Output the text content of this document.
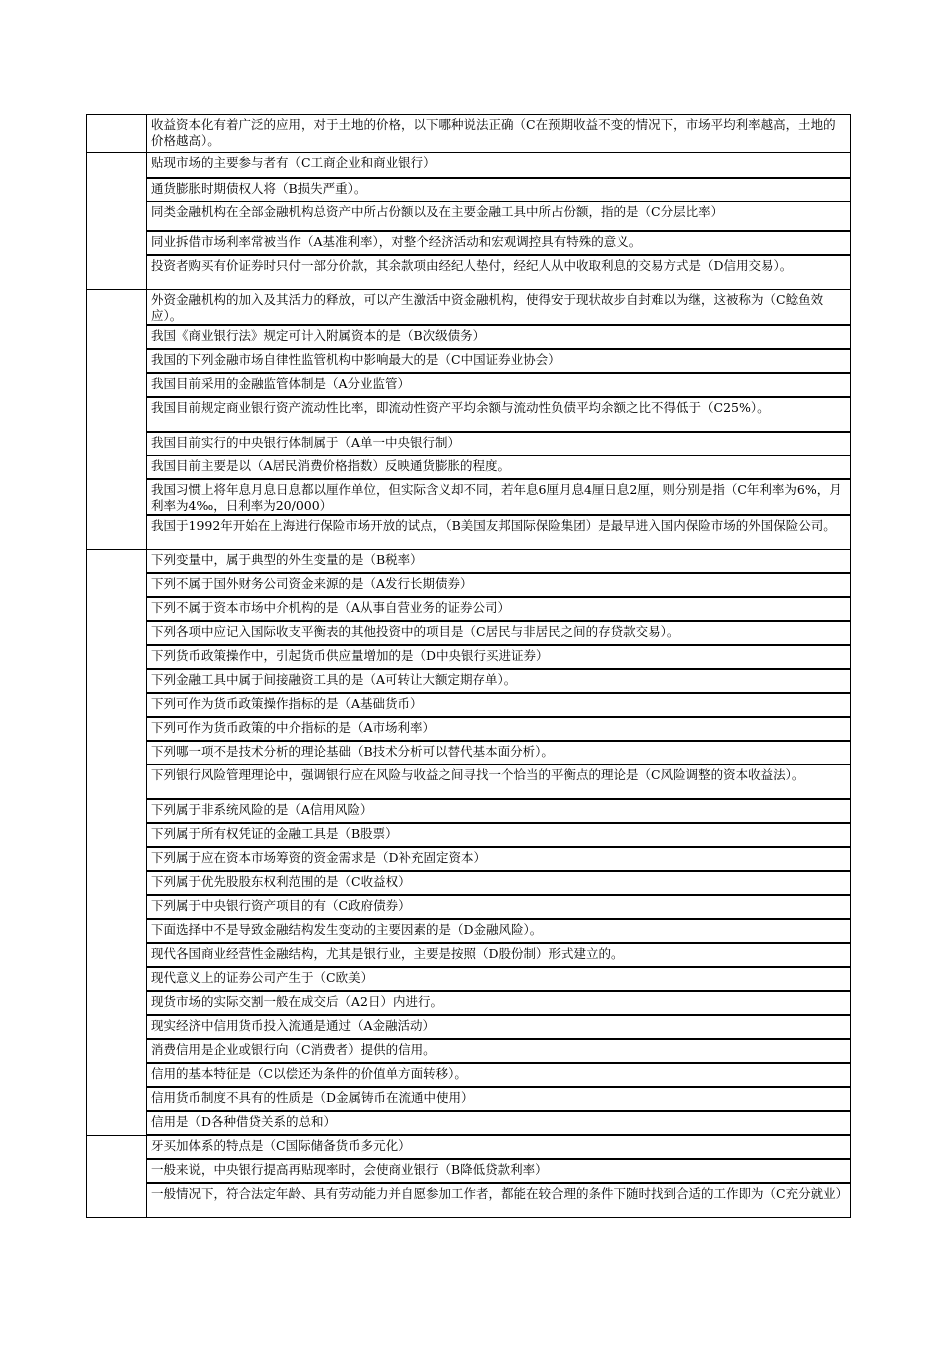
	收益资本化有着广泛的应用，对于土地的价格，以下哪种说法正确（C在预期收益不变的情况下，市场平均利率越高，土地的价格越高）。
	贴现市场的主要参与者有（C工商企业和商业银行）
	通货膨胀时期债权人将（B损失严重）。
	同类金融机构在全部金融机构总资产中所占份额以及在主要金融工具中所占份额，指的是（C分层比率）
	同业拆借市场利率常被当作（A基准利率），对整个经济活动和宏观调控具有特殊的意义。
	投资者购买有价证券时只付一部分价款，其余款项由经纪人垫付，经纪人从中收取利息的交易方式是（D信用交易）。
	外资金融机构的加入及其活力的释放，可以产生激活中资金融机构，使得安于现状故步自封难以为继，这被称为（C鲶鱼效应）。
	我国《商业银行法》规定可计入附属资本的是（B次级债务）
	我国的下列金融市场自律性监管机构中影响最大的是（C中国证券业协会）
	我国目前采用的金融监管体制是（A分业监管）
	我国目前规定商业银行资产流动性比率，即流动性资产平均余额与流动性负债平均余额之比不得低于（C25%）。
	我国目前实行的中央银行体制属于（A单一中央银行制）
	我国目前主要是以（A居民消费价格指数）反映通货膨胀的程度。
	我国习惯上将年息月息日息都以厘作单位，但实际含义却不同，若年息6厘月息4厘日息2厘，则分别是指（C年利率为6%，月利率为4‰，日利率为20/000）
	我国于1992年开始在上海进行保险市场开放的试点，（B美国友邦国际保险集团）是最早进入国内保险市场的外国保险公司。
	下列变量中，属于典型的外生变量的是（B税率）
	下列不属于国外财务公司资金来源的是（A发行长期债券）
	下列不属于资本市场中介机构的是（A从事自营业务的证券公司）
	下列各项中应记入国际收支平衡表的其他投资中的项目是（C居民与非居民之间的存贷款交易）。
	下列货币政策操作中，引起货币供应量增加的是（D中央银行买进证券）
	下列金融工具中属于间接融资工具的是（A可转让大额定期存单）。
	下列可作为货币政策操作指标的是（A基础货币）
	下列可作为货币政策的中介指标的是（A市场利率）
	下列哪一项不是技术分析的理论基础（B技术分析可以替代基本面分析）。
	下列银行风险管理理论中，强调银行应在风险与收益之间寻找一个恰当的平衡点的理论是（C风险调整的资本收益法）。
	下列属于非系统风险的是（A信用风险）
	下列属于所有权凭证的金融工具是（B股票）
	下列属于应在资本市场筹资的资金需求是（D补充固定资本）
	下列属于优先股股东权利范围的是（C收益权）
	下列属于中央银行资产项目的有（C政府债券）
	下面选择中不是导致金融结构发生变动的主要因素的是（D金融风险）。
	现代各国商业经营性金融结构，尤其是银行业，主要是按照（D股份制）形式建立的。
	现代意义上的证券公司产生于（C欧美）
	现货市场的实际交割一般在成交后（A2日）内进行。
	现实经济中信用货币投入流通是通过（A金融活动）
	消费信用是企业或银行向（C消费者）提供的信用。
	信用的基本特征是（C以偿还为条件的价值单方面转移）。
	信用货币制度不具有的性质是（D金属铸币在流通中使用）
	信用是（D各种借贷关系的总和）
	牙买加体系的特点是（C国际储备货币多元化）
	一般来说，中央银行提高再贴现率时，会使商业银行（B降低贷款利率）
	一般情况下，符合法定年龄、具有劳动能力并自愿参加工作者，都能在较合理的条件下随时找到合适的工作即为（C充分就业）
